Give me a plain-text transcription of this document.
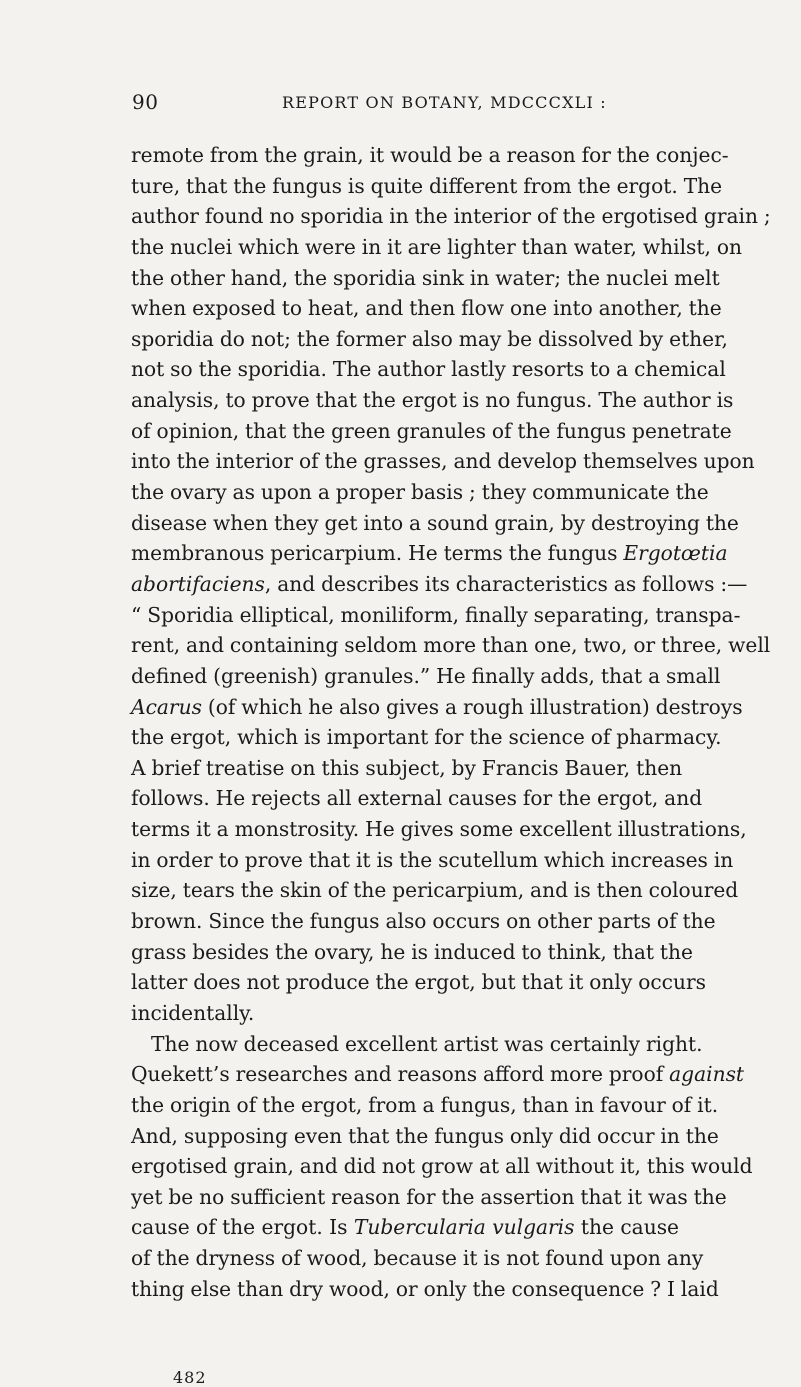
90	REPORT ON BOTANY, MDCCCXLI :
remote from the grain, it would be a reason for the conjec-
ture, that the fungus is quite different from the ergot. The
author found no sporidia in the interior of the ergotised grain ;
the nuclei which were in it are lighter than water, whilst, on
the other hand, the sporidia sink in water; the nuclei melt
when exposed to heat, and then flow one into another, the
sporidia do not; the former also may be dissolved by ether,
not so the sporidia. The author lastly resorts to a chemical
analysis, to prove that the ergot is no fungus. The author is
of opinion, that the green granules of the fungus penetrate
into the interior of the grasses, and develop themselves upon
the ovary as upon a proper basis ; they communicate the
disease when they get into a sound grain, by destroying the
membranous pericarpium. He terms the fungus Ergotœtia
abortifaciens, and describes its characteristics as follows :—
“ Sporidia elliptical, moniliform, finally separating, transpa-
rent, and containing seldom more than one, two, or three, well
defined (greenish) granules.” He finally adds, that a small
Acarus (of which he also gives a rough illustration) destroys
the ergot, which is important for the science of pharmacy.
A brief treatise on this subject, by Francis Bauer, then
follows. He rejects all external causes for the ergot, and
terms it a monstrosity. He gives some excellent illustrations,
in order to prove that it is the scutellum which increases in
size, tears the skin of the pericarpium, and is then coloured
brown. Since the fungus also occurs on other parts of the
grass besides the ovary, he is induced to think, that the
latter does not produce the ergot, but that it only occurs
incidentally.
The now deceased excellent artist was certainly right.
Quekett’s researches and reasons afford more proof against
the origin of the ergot, from a fungus, than in favour of it.
And, supposing even that the fungus only did occur in the
ergotised grain, and did not grow at all without it, this would
yet be no sufficient reason for the assertion that it was the
cause of the ergot. Is Tubercularia vulgaris the cause
of the dryness of wood, because it is not found upon any
thing else than dry wood, or only the consequence ? I laid
482
